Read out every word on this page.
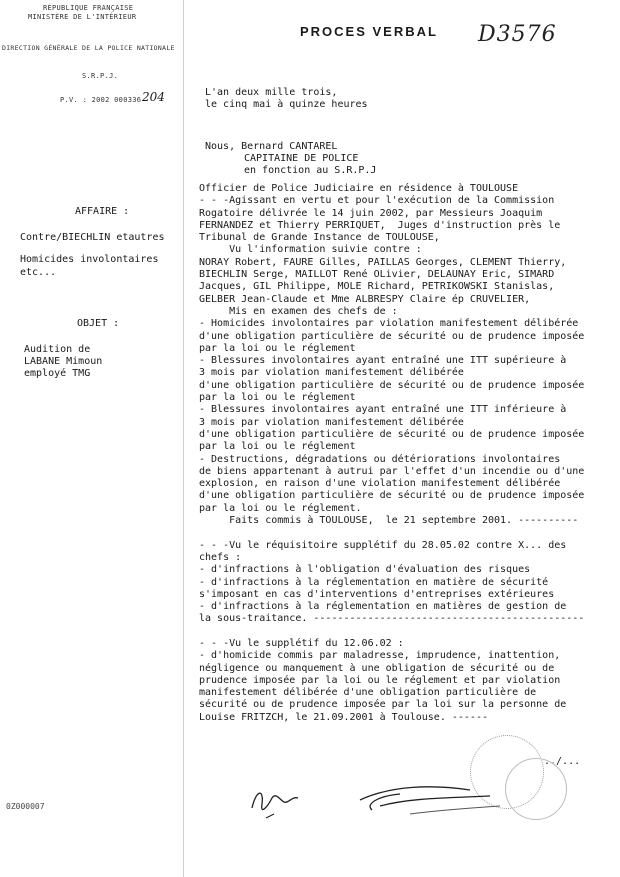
RÉPUBLIQUE FRANÇAISE
MINISTÈRE DE L'INTÉRIEUR
DIRECTION GÉNÉRALE DE LA POLICE NATIONALE
S.R.P.J.
P.V. : 2002 000336 204
PROCES VERBAL D3576
L'an deux mille trois,
le cinq mai à quinze heures
Nous, Bernard CANTAREL
CAPITAINE DE POLICE
en fonction au S.R.P.J
AFFAIRE :
Contre/BIECHLIN etautres
Homicides involontaires
etc...
OBJET :
Audition de
LABANE Mimoun
employé TMG
0Z000007
Officier de Police Judiciaire en résidence à TOULOUSE
- - -Agissant en vertu et pour l'exécution de la Commission
Rogatoire délivrée le 14 juin 2002, par Messieurs Joaquim
FERNANDEZ et Thierry PERRIQUET,  Juges d'instruction près le
Tribunal de Grande Instance de TOULOUSE,
Vu l'information suivie contre :
NORAY Robert, FAURE Gilles, PAILLAS Georges, CLEMENT Thierry,
BIECHLIN Serge, MAILLOT René OLivier, DELAUNAY Eric, SIMARD
Jacques, GIL Philippe, MOLE Richard, PETRIKOWSKI Stanislas,
GELBER Jean-Claude et Mme ALBRESPY Claire ép CRUVELIER,
Mis en examen des chefs de :
- Homicides involontaires par violation manifestement délibérée
d'une obligation particulière de sécurité ou de prudence imposée
par la loi ou le réglement
- Blessures involontaires ayant entraîné une ITT supérieure à
3 mois par violation manifestement délibérée
d'une obligation particulière de sécurité ou de prudence imposée
par la loi ou le réglement
- Blessures involontaires ayant entraîné une ITT inférieure à
3 mois par violation manifestement délibérée
d'une obligation particulière de sécurité ou de prudence imposée
par la loi ou le réglement
- Destructions, dégradations ou détériorations involontaires
de biens appartenant à autrui par l'effet d'un incendie ou d'une
explosion, en raison d'une violation manifestement délibérée
d'une obligation particulière de sécurité ou de prudence imposée
par la loi ou le réglement.
Faits commis à TOULOUSE,  le 21 septembre 2001. ----------
- - -Vu le réquisitoire supplétif du 28.05.02 contre X... des
chefs :
- d'infractions à l'obligation d'évaluation des risques
- d'infractions à la réglementation en matière de sécurité
s'imposant en cas d'interventions d'entreprises extérieures
- d'infractions à la réglementation en matières de gestion de
la sous-traitance. ---------------------------------------------
- - -Vu le supplétif du 12.06.02 :
- d'homicide commis par maladresse, imprudence, inattention,
négligence ou manquement à une obligation de sécurité ou de
prudence imposée par la loi ou le réglement et par violation
manifestement délibérée d'une obligation particulière de
sécurité ou de prudence imposée par la loi sur la personne de
Louise FRITZCH, le 21.09.2001 à Toulouse. ------
../...
